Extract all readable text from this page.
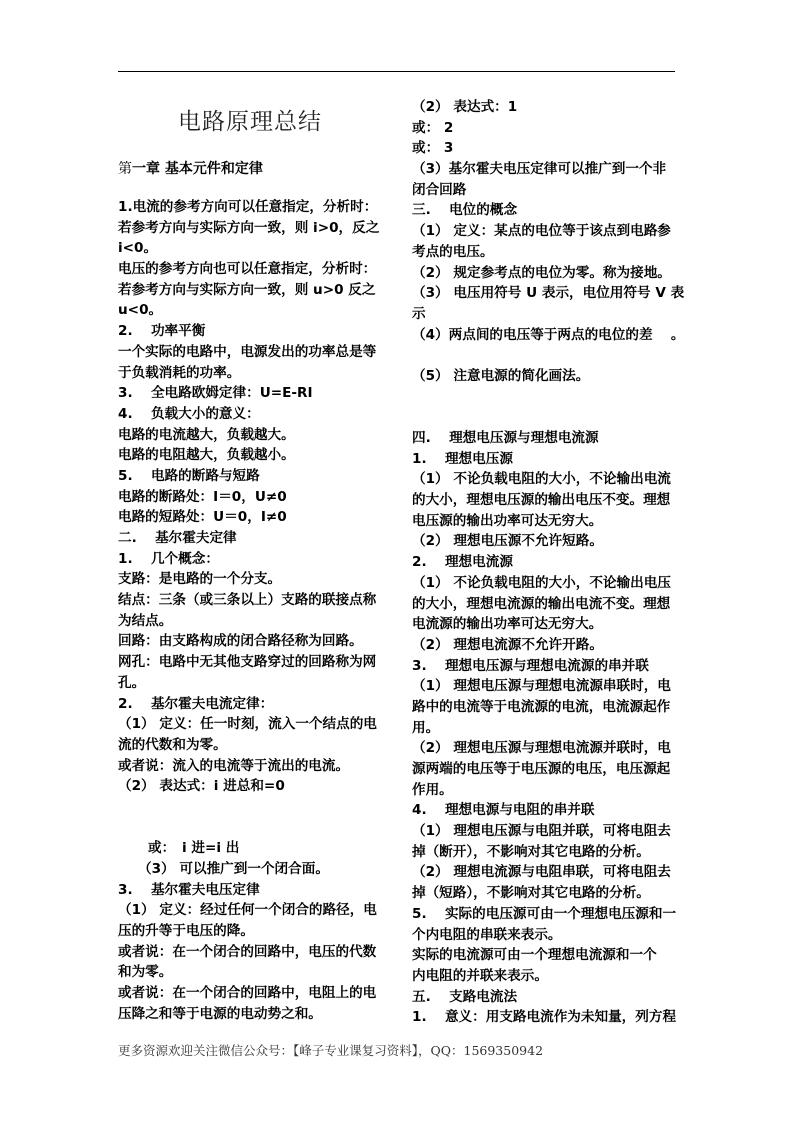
电路原理总结
第一章 基本元件和定律
1.电流的参考方向可以任意指定，分析时：
若参考方向与实际方向一致，则 i>0，反之
i<0。
电压的参考方向也可以任意指定，分析时：
若参考方向与实际方向一致，则 u>0 反之
u<0。
2.　 功率平衡
一个实际的电路中，电源发出的功率总是等
于负载消耗的功率。
3.　 全电路欧姆定律：U=E-RI
4.　 负载大小的意义：
电路的电流越大，负载越大。
电路的电阻越大，负载越小。
5.　 电路的断路与短路
电路的断路处：I＝0，U≠0
电路的短路处：U＝0，I≠0
二.　 基尔霍夫定律
1.　 几个概念：
支路：是电路的一个分支。
结点：三条（或三条以上）支路的联接点称
为结点。
回路：由支路构成的闭合路径称为回路。
网孔：电路中无其他支路穿过的回路称为网
孔。
2.　 基尔霍夫电流定律：
（1） 定义：任一时刻，流入一个结点的电
流的代数和为零。
或者说：流入的电流等于流出的电流。
（2） 表达式：i 进总和=0
或：　i 进=i 出
（3） 可以推广到一个闭合面。
3.　 基尔霍夫电压定律
（1） 定义：经过任何一个闭合的路径，电
压的升等于电压的降。
或者说：在一个闭合的回路中，电压的代数
和为零。
或者说：在一个闭合的回路中，电阻上的电
压降之和等于电源的电动势之和。
（2） 表达式：1
或： 2
或： 3
（3）基尔霍夫电压定律可以推广到一个非
闭合回路
三.　 电位的概念
（1） 定义：某点的电位等于该点到电路参
考点的电压。
（2） 规定参考点的电位为零。称为接地。
（3） 电压用符号 U 表示，电位用符号 V 表
示
（4）两点间的电压等于两点的电位的差　 。
（5） 注意电源的简化画法。
四.　 理想电压源与理想电流源
1.　 理想电压源
（1） 不论负载电阻的大小，不论输出电流
的大小，理想电压源的输出电压不变。理想
电压源的输出功率可达无穷大。
（2） 理想电压源不允许短路。
2.　 理想电流源
（1） 不论负载电阻的大小，不论输出电压
的大小，理想电流源的输出电流不变。理想
电流源的输出功率可达无穷大。
（2） 理想电流源不允许开路。
3.　 理想电压源与理想电流源的串并联
（1） 理想电压源与理想电流源串联时，电
路中的电流等于电流源的电流，电流源起作
用。
（2） 理想电压源与理想电流源并联时，电
源两端的电压等于电压源的电压，电压源起
作用。
4.　 理想电源与电阻的串并联
（1） 理想电压源与电阻并联，可将电阻去
掉（断开），不影响对其它电路的分析。
（2） 理想电流源与电阻串联，可将电阻去
掉（短路），不影响对其它电路的分析。
5.　 实际的电压源可由一个理想电压源和一
个内电阻的串联来表示。
实际的电流源可由一个理想电流源和一个
内电阻的并联来表示。
五.　 支路电流法
1.　 意义：用支路电流作为未知量，列方程
更多资源欢迎关注微信公众号：【峰子专业课复习资料】，QQ：1569350942
